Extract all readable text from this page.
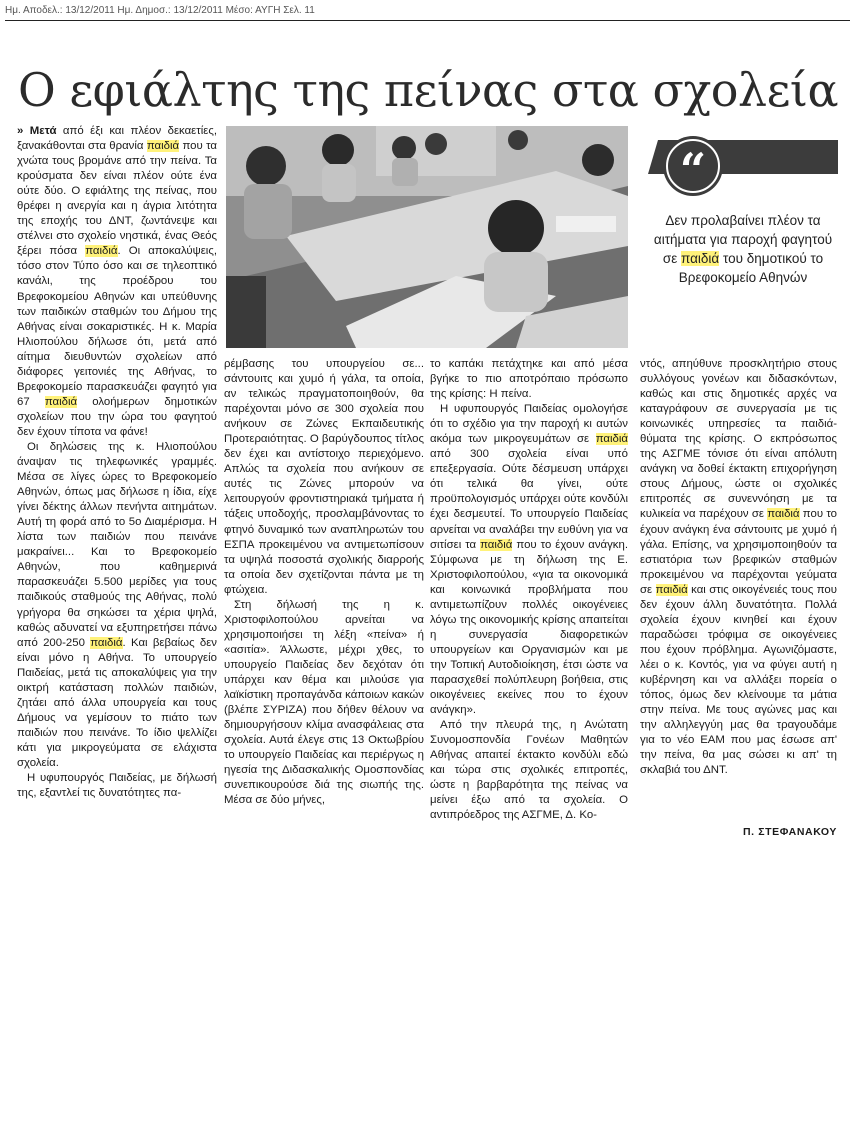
Ημ. Αποδελ.: 13/12/2011 Ημ. Δημοσ.: 13/12/2011 Μέσο: ΑΥΓΗ Σελ. 11
Ο εφιάλτης της πείνας στα σχολεία

» Μετά από έξι και πλέον δεκαετίες, ξανακάθονται στα θρανία παιδιά που τα χνώτα τους βρομάνε από την πείνα. Τα κρούσματα δεν είναι πλέον ούτε ένα ούτε δύο. Ο εφιάλτης της πείνας, που θρέφει η ανεργία και η άγρια λιτότητα της εποχής του ΔΝΤ, ζωντάνεψε και στέλνει στο σχολείο νηστικά, ένας Θεός ξέρει πόσα παιδιά. Οι αποκαλύψεις, τόσο στον Τύπο όσο και σε τηλεοπτικό κανάλι, της προέδρου του Βρεφοκομείου Αθηνών και υπεύθυνης των παιδικών σταθμών του Δήμου της Αθήνας είναι σοκαριστικές. Η κ. Μαρία Ηλιοπούλου δήλωσε ότι, μετά από αίτημα διευθυντών σχολείων από διάφορες γειτονιές της Αθήνας, το Βρεφοκομείο παρασκευάζει φαγητό για 67 παιδιά ολοήμερων δημοτικών σχολείων που την ώρα του φαγητού δεν έχουν τίποτα να φάνε!

Οι δηλώσεις της κ. Ηλιοπούλου άναψαν τις τηλεφωνικές γραμμές. Μέσα σε λίγες ώρες το Βρεφοκομείο Αθηνών, όπως μας δήλωσε η ίδια, είχε γίνει δέκτης άλλων πενήντα αιτημάτων. Αυτή τη φορά από το 5ο Διαμέρισμα. Η λίστα των παιδιών που πεινάνε μακραίνει... Και το Βρεφοκομείο Αθηνών, που καθημερινά παρασκευάζει 5.500 μερίδες για τους παιδικούς σταθμούς της Αθήνας, πολύ γρήγορα θα σηκώσει τα χέρια ψηλά, καθώς αδυνατεί να εξυπηρετήσει πάνω από 200-250 παιδιά. Και βεβαίως δεν είναι μόνο η Αθήνα. Το υπουργείο Παιδείας, μετά τις αποκαλύψεις για την οικτρή κατάσταση πολλών παιδιών, ζητάει από άλλα υπουργεία και τους Δήμους να γεμίσουν το πιάτο των παιδιών που πεινάνε. Το ίδιο ψελλίζει κάτι για μικρογεύματα σε ελάχιστα σχολεία.

Η υφυπουργός Παιδείας, με δήλωσή της, εξαντλεί τις δυνατότητες πα-

ρέμβασης του υπουργείου σε... σάντουιτς και χυμό ή γάλα, τα οποία, αν τελικώς πραγματοποιηθούν, θα παρέχονται μόνο σε 300 σχολεία που ανήκουν σε Ζώνες Εκπαιδευτικής Προτεραιότητας. Ο βαρύγδουπος τίτλος δεν έχει και αντίστοιχο περιεχόμενο. Απλώς τα σχολεία που ανήκουν σε αυτές τις Ζώνες μπορούν να λειτουργούν φροντιστηριακά τμήματα ή τάξεις υποδοχής, προσλαμβάνοντας το φτηνό δυναμικό των αναπληρωτών του ΕΣΠΑ προκειμένου να αντιμετωπίσουν τα υψηλά ποσοστά σχολικής διαρροής τα οποία δεν σχετίζονται πάντα με τη φτώχεια.

Στη δήλωσή της η κ. Χριστοφιλοπούλου αρνείται να χρησιμοποιήσει τη λέξη «πείνα» ή «ασιτία». Άλλωστε, μέχρι χθες, το υπουργείο Παιδείας δεν δεχόταν ότι υπάρχει καν θέμα και μιλούσε για λαϊκίστικη προπαγάνδα κάποιων κακών (βλέπε ΣΥΡΙΖΑ) που δήθεν θέλουν να δημιουργήσουν κλίμα ανασφάλειας στα σχολεία. Αυτά έλεγε στις 13 Οκτωβρίου το υπουργείο Παιδείας και περιέργως η ηγεσία της Διδασκαλικής Ομοσπονδίας συνεπικουρούσε διά της σιωπής της. Μέσα σε δύο μήνες,

το καπάκι πετάχτηκε και από μέσα βγήκε το πιο αποτρόπαιο πρόσωπο της κρίσης: Η πείνα.

Η υφυπουργός Παιδείας ομολογήσε ότι το σχέδιο για την παροχή κι αυτών ακόμα των μικρογευμάτων σε παιδιά από 300 σχολεία είναι υπό επεξεργασία. Ούτε δέσμευση υπάρχει ότι τελικά θα γίνει, ούτε προϋπολογισμός υπάρχει ούτε κονδύλι έχει δεσμευτεί. Το υπουργείο Παιδείας αρνείται να αναλάβει την ευθύνη για να σιτίσει τα παιδιά που το έχουν ανάγκη. Σύμφωνα με τη δήλωση της Ε. Χριστοφιλοπούλου, «για τα οικονομικά και κοινωνικά προβλήματα που αντιμετωπίζουν πολλές οικογένειες λόγω της οικονομικής κρίσης απαιτείται η συνεργασία διαφορετικών υπουργείων και Οργανισμών και με την Τοπική Αυτοδιοίκηση, έτσι ώστε να παρασχεθεί πολύπλευρη βοήθεια, στις οικογένειες εκείνες που το έχουν ανάγκη».

Από την πλευρά της, η Ανώτατη Συνομοσπονδία Γονέων Μαθητών Αθήνας απαιτεί έκτακτο κονδύλι εδώ και τώρα στις σχολικές επιτροπές, ώστε η βαρβαρότητα της πείνας να μείνει έξω από τα σχολεία. Ο αντιπρόεδρος της ΑΣΓΜΕ, Δ. Κο-

“
Δεν προλαβαίνει πλέον τα αιτήματα για παροχή φαγητού σε παιδιά του δημοτικού το Βρεφοκομείο Αθηνών

ντός, απηύθυνε προσκλητήριο στους συλλόγους γονέων και διδασκόντων, καθώς και στις δημοτικές αρχές να καταγράφουν σε συνεργασία με τις κοινωνικές υπηρεσίες τα παιδιά-θύματα της κρίσης. Ο εκπρόσωπος της ΑΣΓΜΕ τόνισε ότι είναι απόλυτη ανάγκη να δοθεί έκτακτη επιχορήγηση στους Δήμους, ώστε οι σχολικές επιτροπές σε συνεννόηση με τα κυλικεία να παρέχουν σε παιδιά που το έχουν ανάγκη ένα σάντουιτς με χυμό ή γάλα. Επίσης, να χρησιμοποιηθούν τα εστιατόρια των βρεφικών σταθμών προκειμένου να παρέχονται γεύματα σε παιδιά και στις οικογένειές τους που δεν έχουν άλλη δυνατότητα. Πολλά σχολεία έχουν κινηθεί και έχουν παραδώσει τρόφιμα σε οικογένειες που έχουν πρόβλημα. Αγωνιζόμαστε, λέει ο κ. Κοντός, για να φύγει αυτή η κυβέρνηση και να αλλάξει πορεία ο τόπος, όμως δεν κλείνουμε τα μάτια στην πείνα. Με τους αγώνες μας και την αλληλεγγύη μας θα τραγουδάμε για το νέο ΕΑΜ που μας έσωσε απ' την πείνα, θα μας σώσει κι απ' τη σκλαβιά του ΔΝΤ.

Π. ΣΤΕΦΑΝΑΚΟΥ
